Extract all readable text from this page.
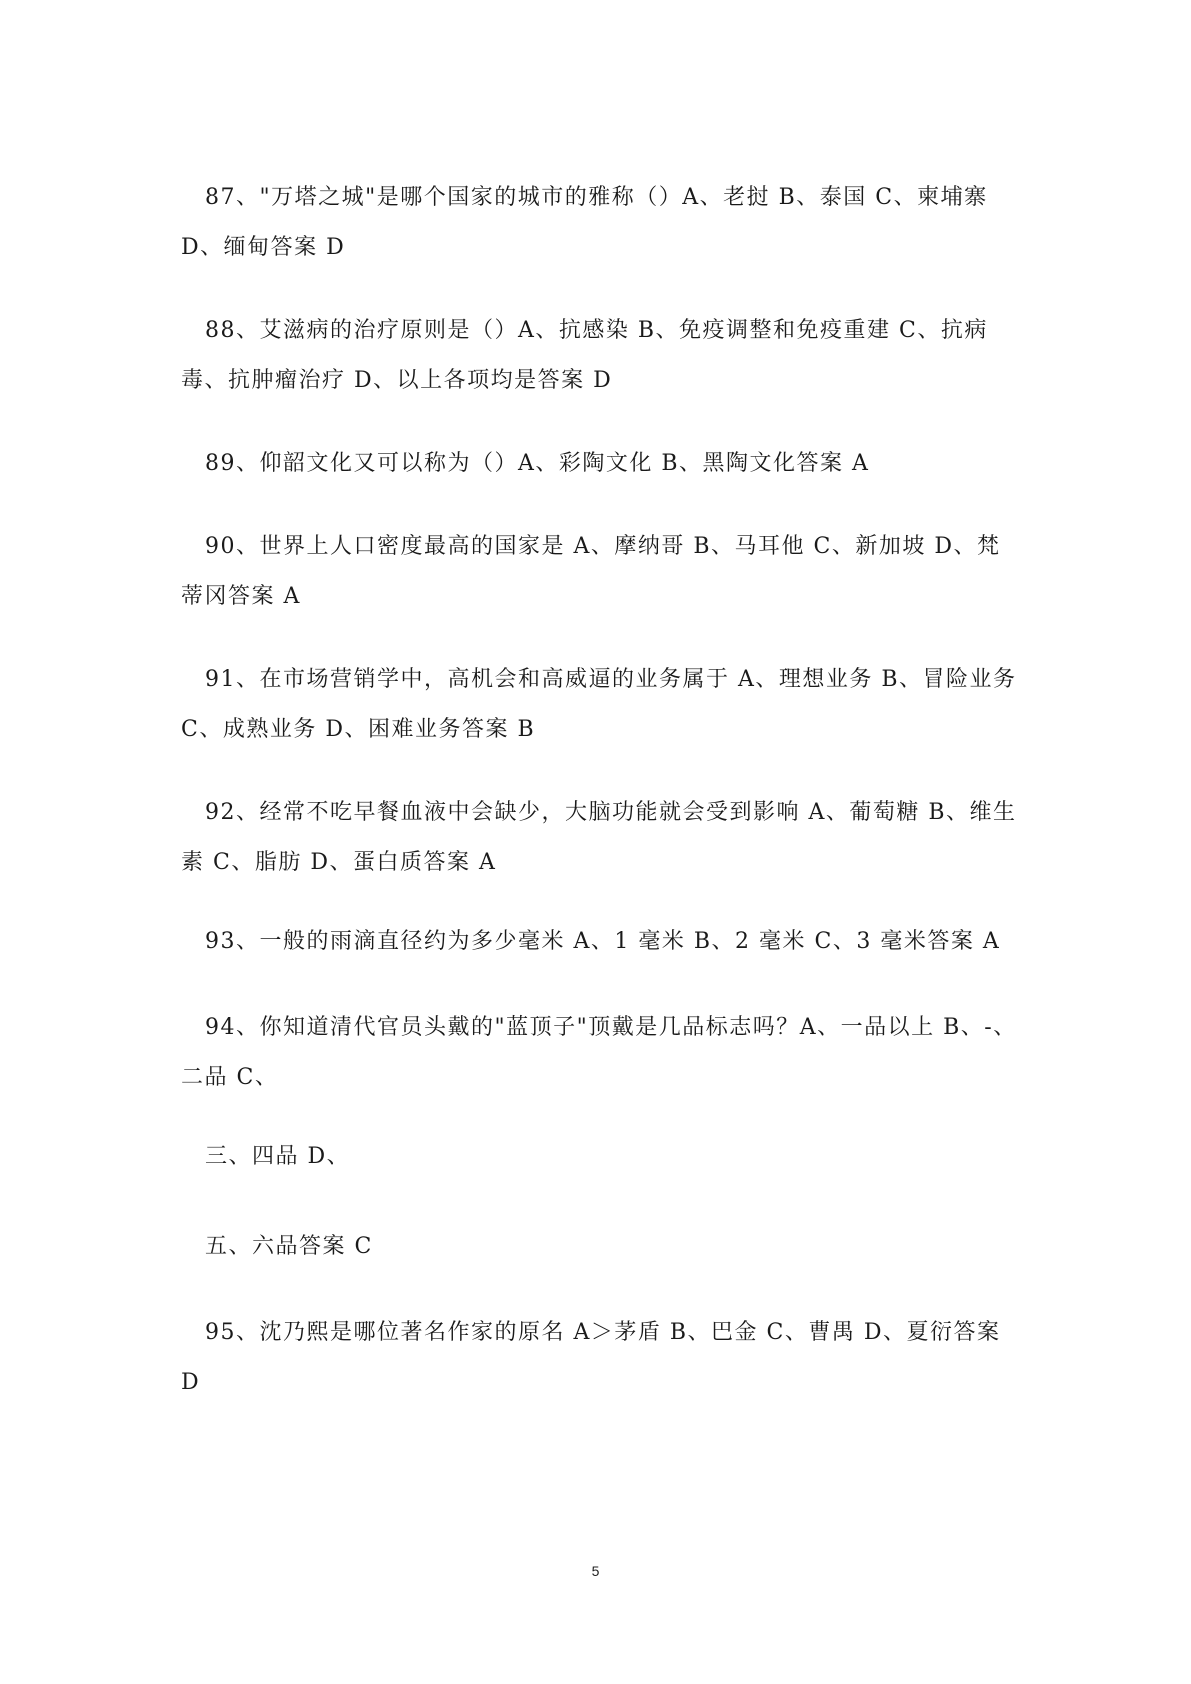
87、"万塔之城"是哪个国家的城市的雅称（）A、老挝 B、泰国 C、柬埔寨 D、缅甸答案 D

88、艾滋病的治疗原则是（）A、抗感染 B、免疫调整和免疫重建 C、抗病毒、抗肿瘤治疗 D、以上各项均是答案 D

89、仰韶文化又可以称为（）A、彩陶文化 B、黑陶文化答案 A

90、世界上人口密度最高的国家是 A、摩纳哥 B、马耳他 C、新加坡 D、梵蒂冈答案 A

91、在市场营销学中，高机会和高威逼的业务属于 A、理想业务 B、冒险业务 C、成熟业务 D、困难业务答案 B

92、经常不吃早餐血液中会缺少，大脑功能就会受到影响 A、葡萄糖 B、维生素 C、脂肪 D、蛋白质答案 A

93、一般的雨滴直径约为多少毫米 A、1 毫米 B、2 毫米 C、3 毫米答案 A

94、你知道清代官员头戴的"蓝顶子"顶戴是几品标志吗？A、一品以上 B、-、二品 C、

三、四品 D、

五、六品答案 C

95、沈乃熙是哪位著名作家的原名 A＞茅盾 B、巴金 C、曹禺 D、夏衍答案 D

5
